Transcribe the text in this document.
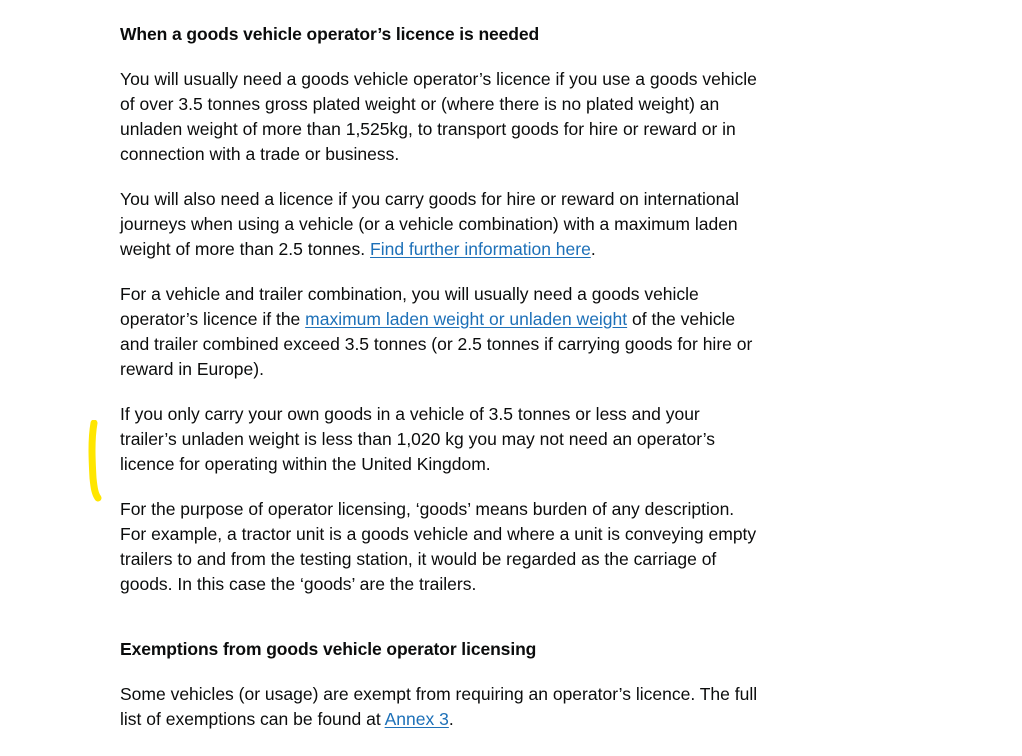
When a goods vehicle operator’s licence is needed

You will usually need a goods vehicle operator’s licence if you use a goods vehicle of over 3.5 tonnes gross plated weight or (where there is no plated weight) an unladen weight of more than 1,525kg, to transport goods for hire or reward or in connection with a trade or business.

You will also need a licence if you carry goods for hire or reward on international journeys when using a vehicle (or a vehicle combination) with a maximum laden weight of more than 2.5 tonnes. Find further information here.

For a vehicle and trailer combination, you will usually need a goods vehicle operator’s licence if the maximum laden weight or unladen weight of the vehicle and trailer combined exceed 3.5 tonnes (or 2.5 tonnes if carrying goods for hire or reward in Europe).

If you only carry your own goods in a vehicle of 3.5 tonnes or less and your trailer’s unladen weight is less than 1,020 kg you may not need an operator’s licence for operating within the United Kingdom.

For the purpose of operator licensing, ‘goods’ means burden of any description. For example, a tractor unit is a goods vehicle and where a unit is conveying empty trailers to and from the testing station, it would be regarded as the carriage of goods. In this case the ‘goods’ are the trailers.

Exemptions from goods vehicle operator licensing

Some vehicles (or usage) are exempt from requiring an operator’s licence. The full list of exemptions can be found at Annex 3.
